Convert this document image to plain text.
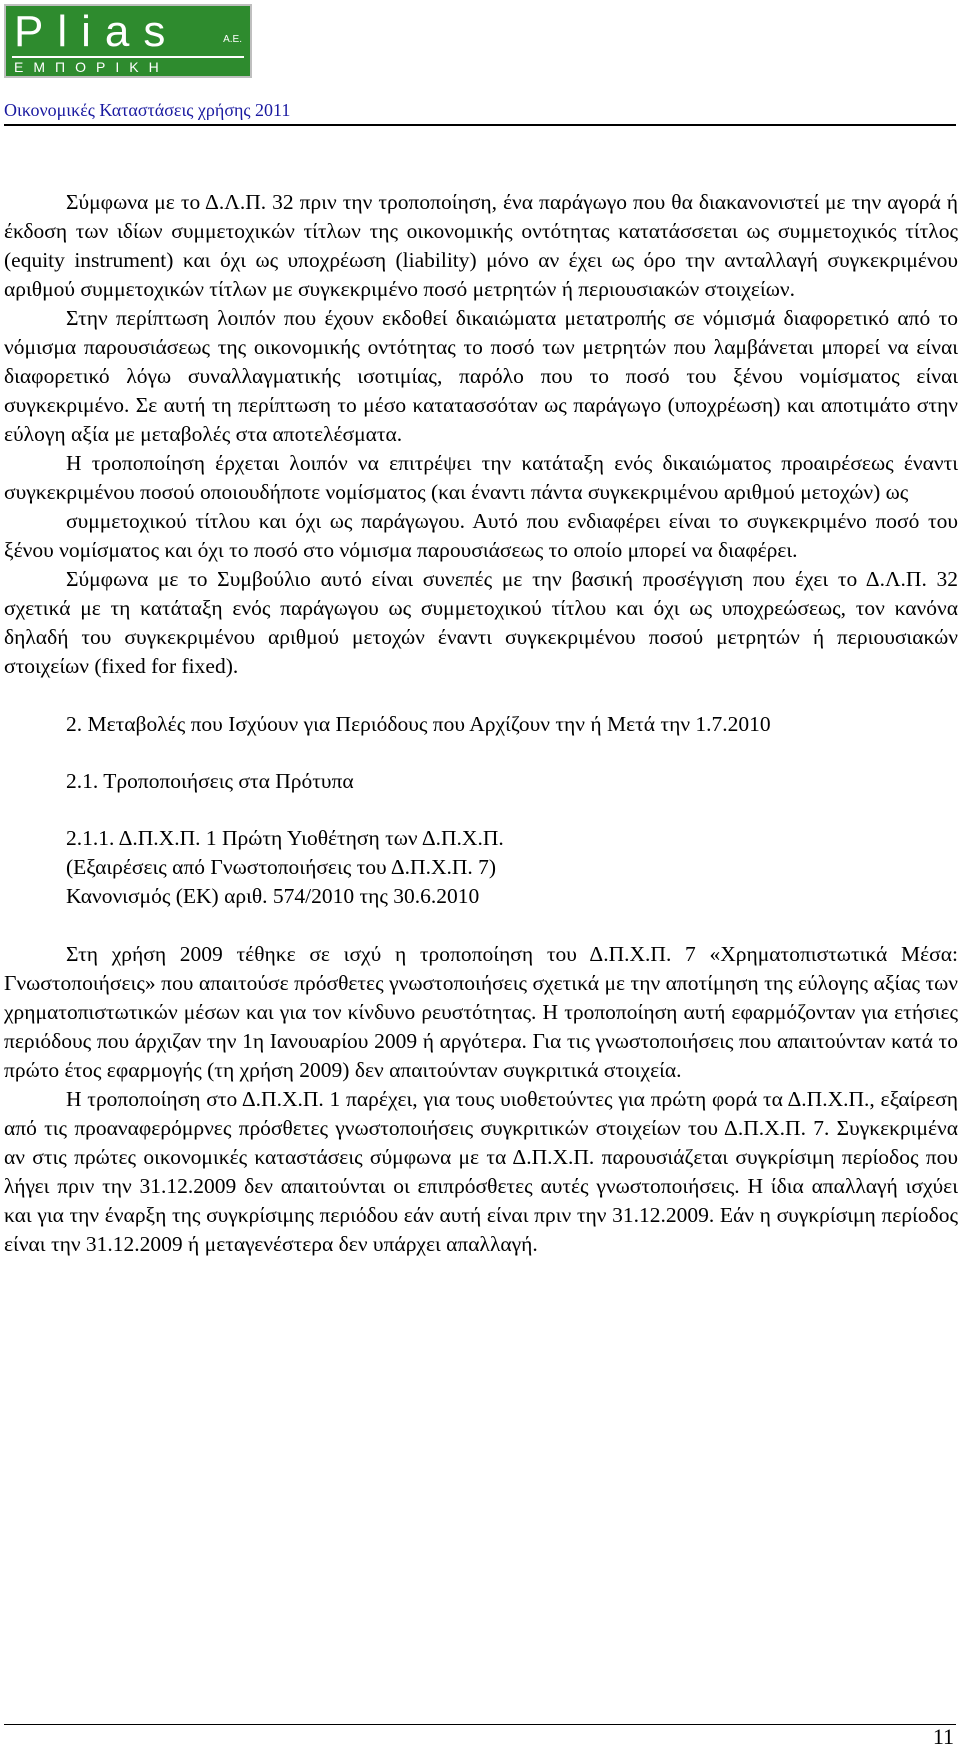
Plias	A.E.
ΕΜΠΟΡΙΚΗ
Οικονομικές Καταστάσεις χρήσης 2011

Σύμφωνα με το Δ.Λ.Π. 32 πριν την τροποποίηση, ένα παράγωγο που θα διακανονιστεί με την αγορά ή έκδοση των ιδίων συμμετοχικών τίτλων της οικονομικής οντότητας κατατάσσεται ως συμμετοχικός τίτλος (equity instrument) και όχι ως υποχρέωση (liability) μόνο αν έχει ως όρο την ανταλλαγή συγκεκριμένου αριθμού συμμετοχικών τίτλων με συγκεκριμένο ποσό μετρητών ή περιουσιακών στοιχείων.

Στην περίπτωση λοιπόν που έχουν εκδοθεί δικαιώματα μετατροπής σε νόμισμά διαφορετικό από το νόμισμα παρουσιάσεως της οικονομικής οντότητας το ποσό των μετρητών που λαμβάνεται μπορεί να είναι διαφορετικό λόγω συναλλαγματικής ισοτιμίας, παρόλο που το ποσό του ξένου νομίσματος είναι συγκεκριμένο. Σε αυτή τη περίπτωση το μέσο κατατασσόταν ως παράγωγο (υποχρέωση) και αποτιμάτο στην εύλογη αξία με μεταβολές στα αποτελέσματα.

Η τροποποίηση έρχεται λοιπόν να επιτρέψει την κατάταξη ενός δικαιώματος προαιρέσεως έναντι συγκεκριμένου ποσού οποιουδήποτε νομίσματος (και έναντι πάντα συγκεκριμένου αριθμού μετοχών) ως

συμμετοχικού τίτλου και όχι ως παράγωγου. Αυτό που ενδιαφέρει είναι το συγκεκριμένο ποσό του ξένου νομίσματος και όχι το ποσό στο νόμισμα παρουσιάσεως το οποίο μπορεί να διαφέρει.

Σύμφωνα με το Συμβούλιο αυτό είναι συνεπές με την βασική προσέγγιση που έχει το Δ.Λ.Π. 32 σχετικά με τη κατάταξη ενός παράγωγου ως συμμετοχικού τίτλου και όχι ως υποχρεώσεως, τον κανόνα δηλαδή του συγκεκριμένου αριθμού μετοχών έναντι συγκεκριμένου ποσού μετρητών ή περιουσιακών στοιχείων (fixed for fixed).

2. Μεταβολές που Ισχύουν για Περιόδους που Αρχίζουν την ή Μετά την 1.7.2010

2.1. Τροποποιήσεις στα Πρότυπα

2.1.1. Δ.Π.Χ.Π. 1 Πρώτη Υιοθέτηση των Δ.Π.Χ.Π.

(Εξαιρέσεις από Γνωστοποιήσεις του Δ.Π.Χ.Π. 7)

Κανονισμός (ΕΚ) αριθ. 574/2010 της 30.6.2010

Στη χρήση 2009 τέθηκε σε ισχύ η τροποποίηση του Δ.Π.Χ.Π. 7 «Χρηματοπιστωτικά Μέσα: Γνωστοποιήσεις» που απαιτούσε πρόσθετες γνωστοποιήσεις σχετικά με την αποτίμηση της εύλογης αξίας των χρηματοπιστωτικών μέσων και για τον κίνδυνο ρευστότητας. Η τροποποίηση αυτή εφαρμόζονταν για ετήσιες περιόδους που άρχιζαν την 1η Ιανουαρίου 2009 ή αργότερα. Για τις γνωστοποιήσεις που απαιτούνταν κατά το πρώτο έτος εφαρμογής (τη χρήση 2009) δεν απαιτούνταν συγκριτικά στοιχεία.

Η τροποποίηση στο Δ.Π.Χ.Π. 1 παρέχει, για τους υιοθετούντες για πρώτη φορά τα Δ.Π.Χ.Π., εξαίρεση από τις προαναφερόμρνες πρόσθετες γνωστοποιήσεις συγκριτικών στοιχείων του Δ.Π.Χ.Π. 7. Συγκεκριμένα αν στις πρώτες οικονομικές καταστάσεις σύμφωνα με τα Δ.Π.Χ.Π. παρουσιάζεται συγκρίσιμη περίοδος που λήγει πριν την 31.12.2009 δεν απαιτούνται οι επιπρόσθετες αυτές γνωστοποιήσεις. Η ίδια απαλλαγή ισχύει και για την έναρξη της συγκρίσιμης περιόδου εάν αυτή είναι πριν την 31.12.2009. Εάν η συγκρίσιμη περίοδος είναι την 31.12.2009 ή μεταγενέστερα δεν υπάρχει απαλλαγή.

11
